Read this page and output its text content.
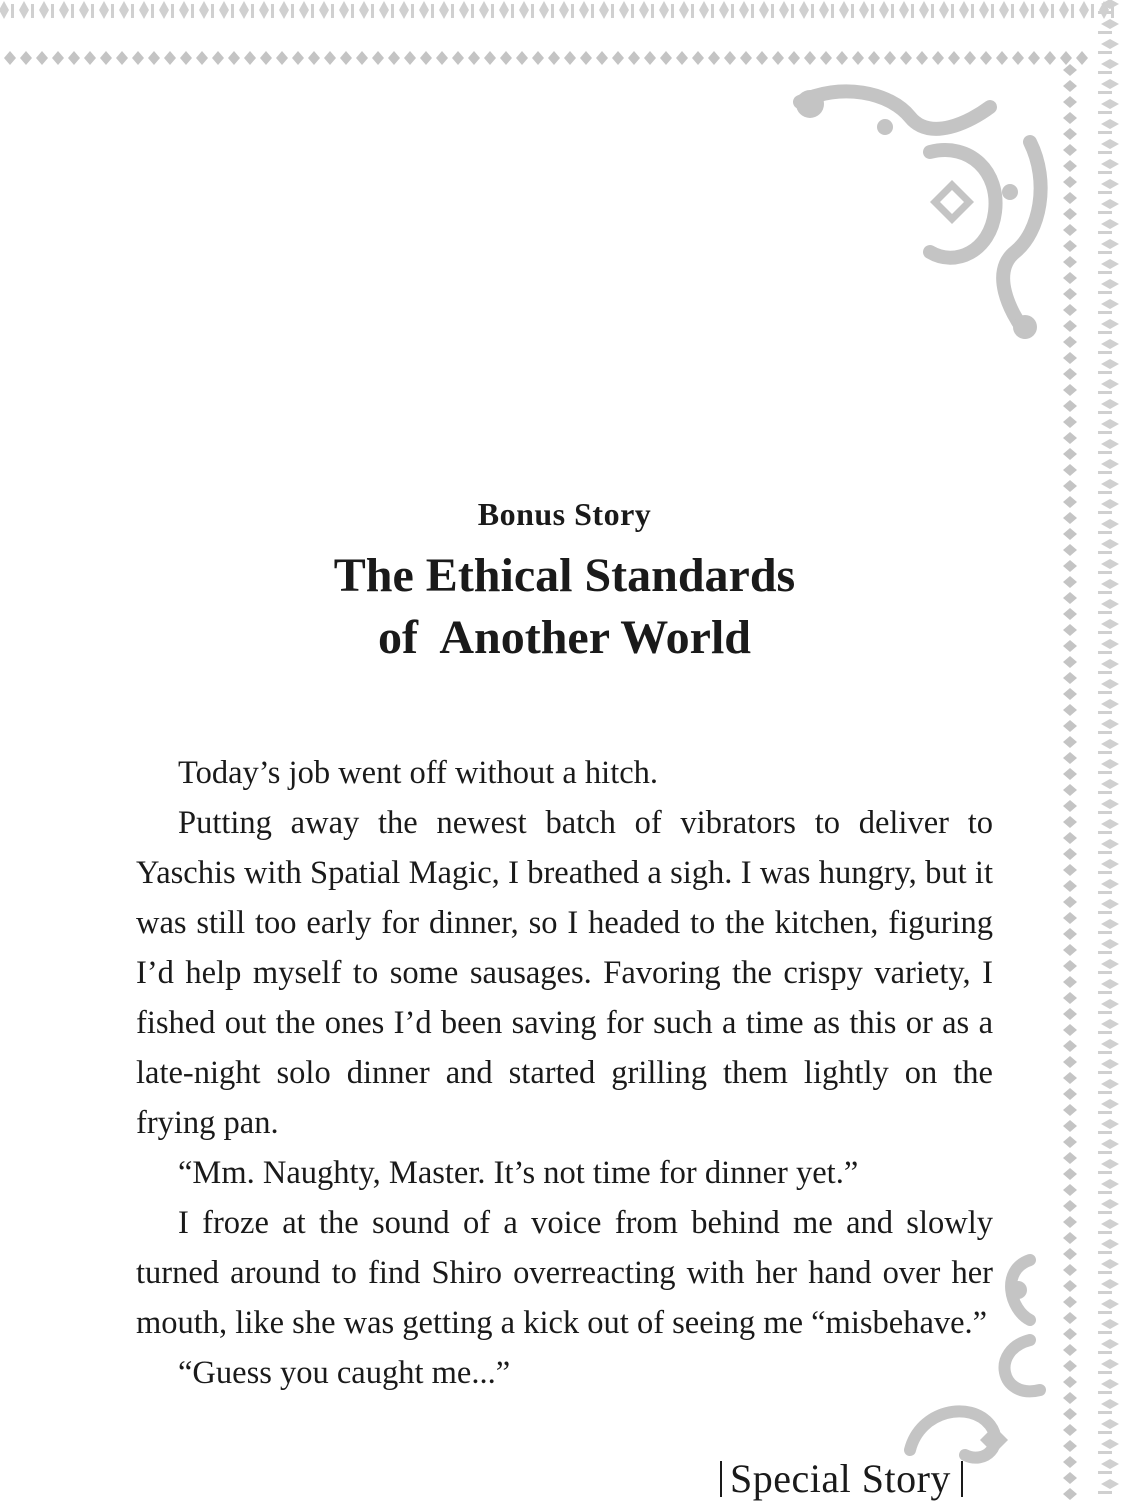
Bonus Story
The Ethical Standards
of  Another World

Today’s job went off without a hitch.

Putting away the newest batch of vibrators to deliver to Yaschis with Spatial Magic, I breathed a sigh. I was hungry, but it was still too early for dinner, so I headed to the kitchen, figuring I’d help myself to some sausages. Favoring the crispy variety, I fished out the ones I’d been saving for such a time as this or as a late-night solo dinner and started grilling them lightly on the frying pan.

“Mm. Naughty, Master. It’s not time for dinner yet.”

I froze at the sound of a voice from behind me and slowly turned around to find Shiro overreacting with her hand over her mouth, like she was getting a kick out of seeing me “misbehave.”

“Guess you caught me...”

Special Story
